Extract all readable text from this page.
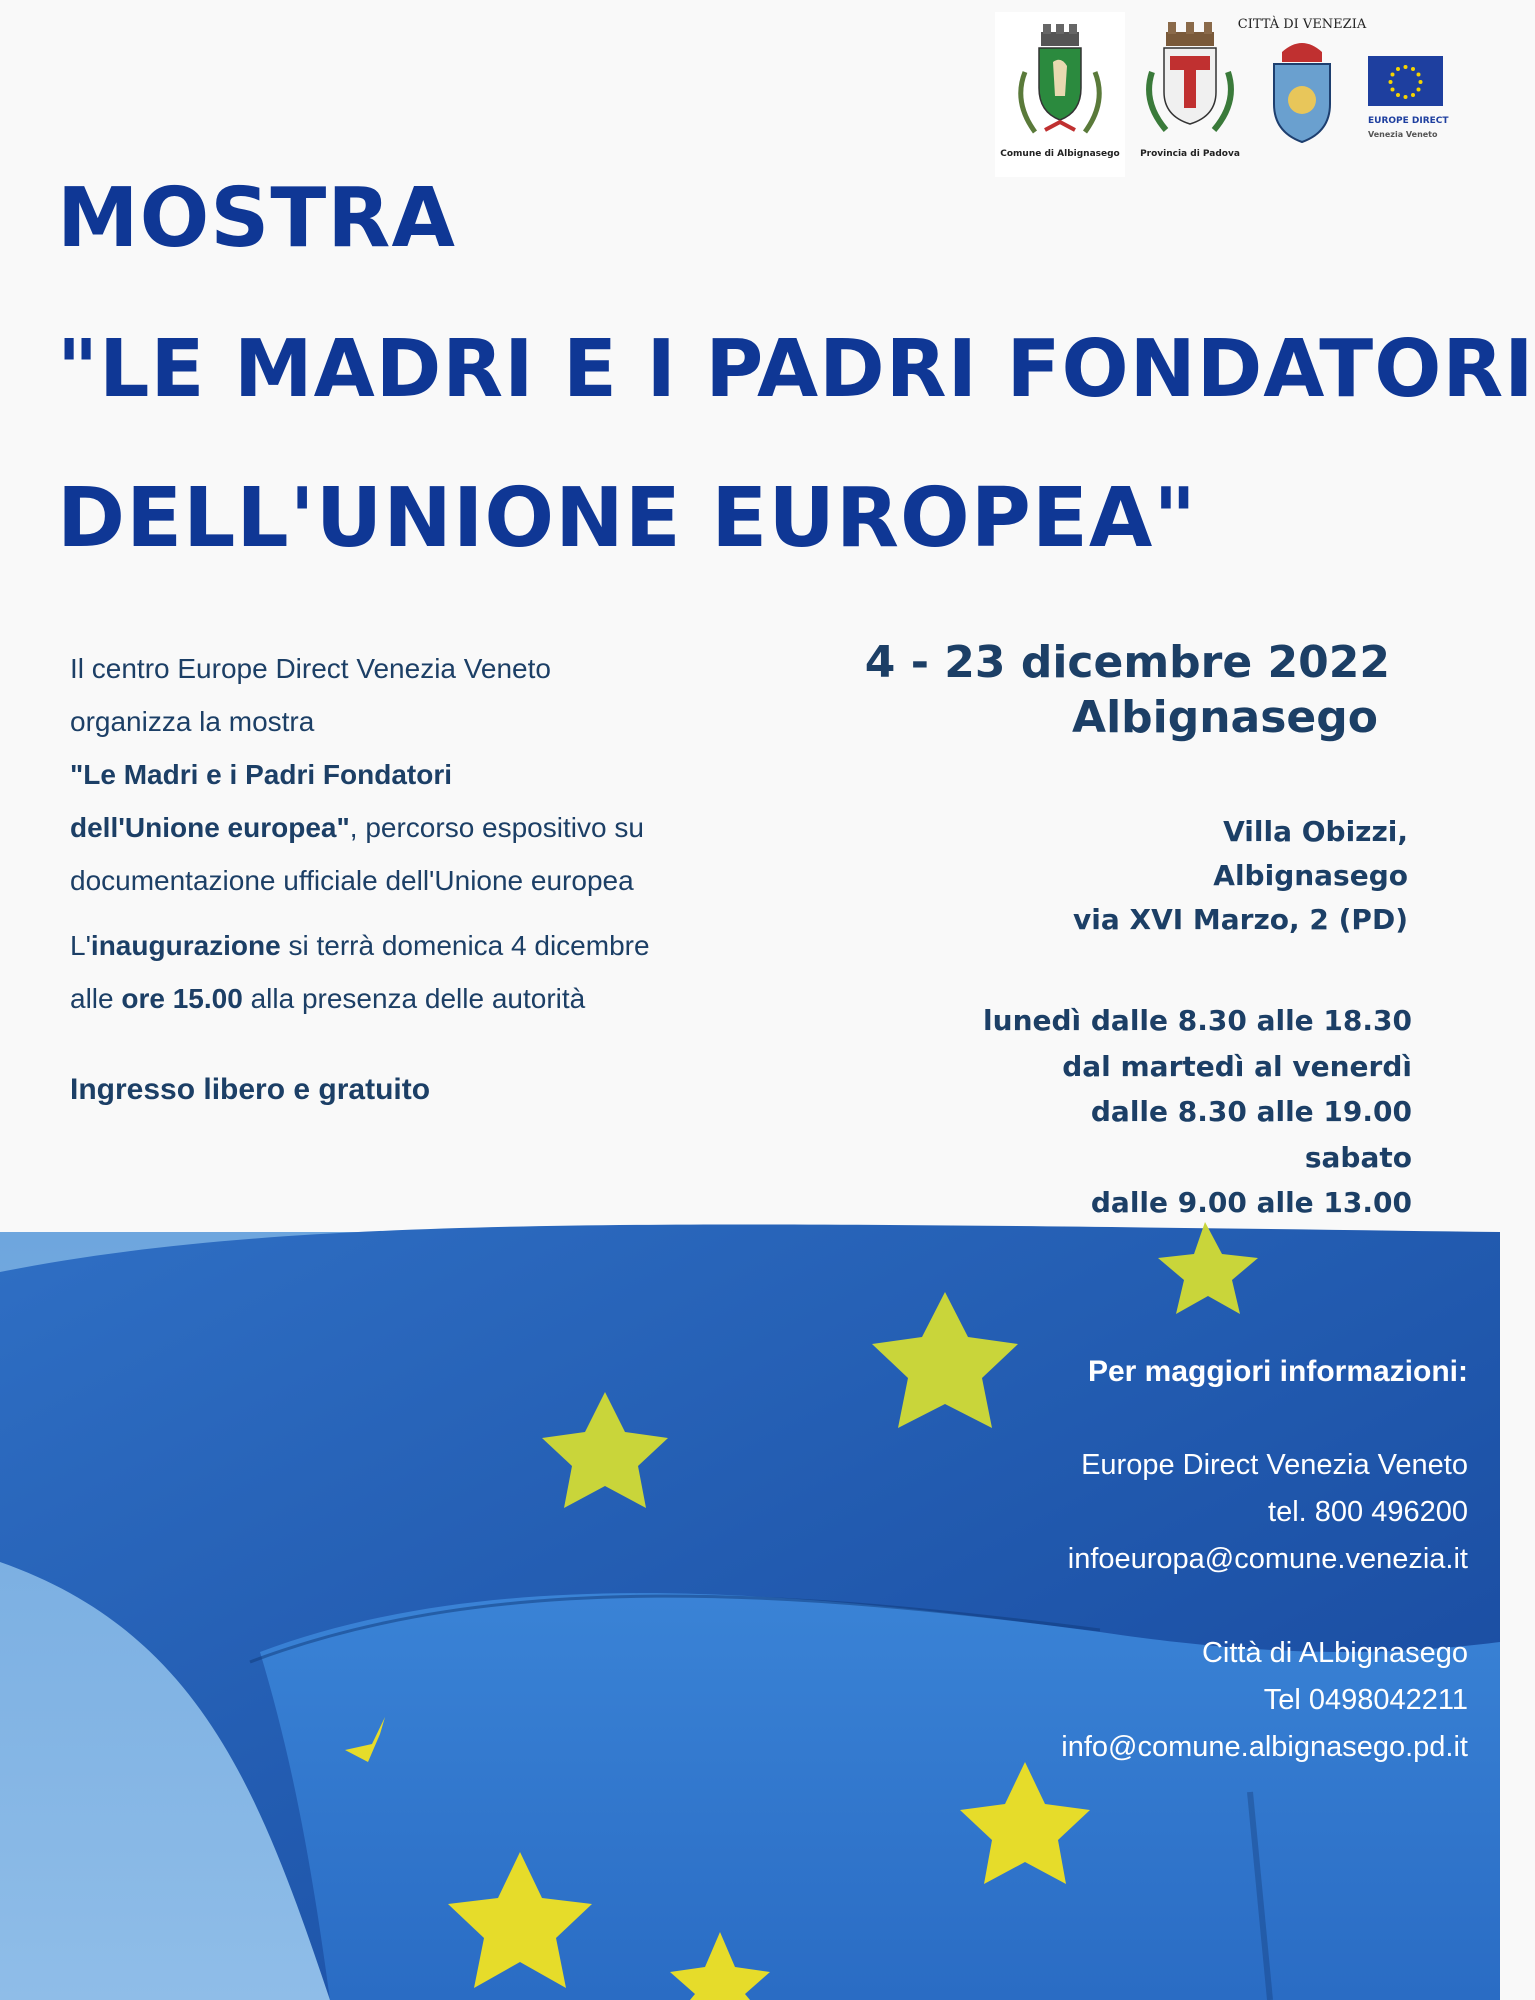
Comune di Albignasego	Provincia di Padova
CITTÀ DI VENEZIA
EUROPE DIRECT
Venezia Veneto
MOSTRA
"LE MADRI E I PADRI FONDATORI
DELL'UNIONE EUROPEA"

Il centro Europe Direct Venezia Veneto
organizza la mostra
"Le Madri e i Padri Fondatori
dell'Unione europea", percorso espositivo su
documentazione ufficiale dell'Unione europea

L'inaugurazione si terrà domenica 4 dicembre
alle ore 15.00 alla presenza delle autorità

Ingresso libero e gratuito

4 - 23 dicembre 2022
Albignasego
Villa Obizzi,
Albignasego
via XVI Marzo, 2 (PD)
lunedì dalle 8.30 alle 18.30
dal martedì al venerdì
dalle 8.30 alle 19.00
sabato
dalle 9.00 alle 13.00
Per maggiori informazioni:
Europe Direct Venezia Veneto
tel. 800 496200
infoeuropa@comune.venezia.it
Città di ALbignasego
Tel 0498042211
info@comune.albignasego.pd.it
